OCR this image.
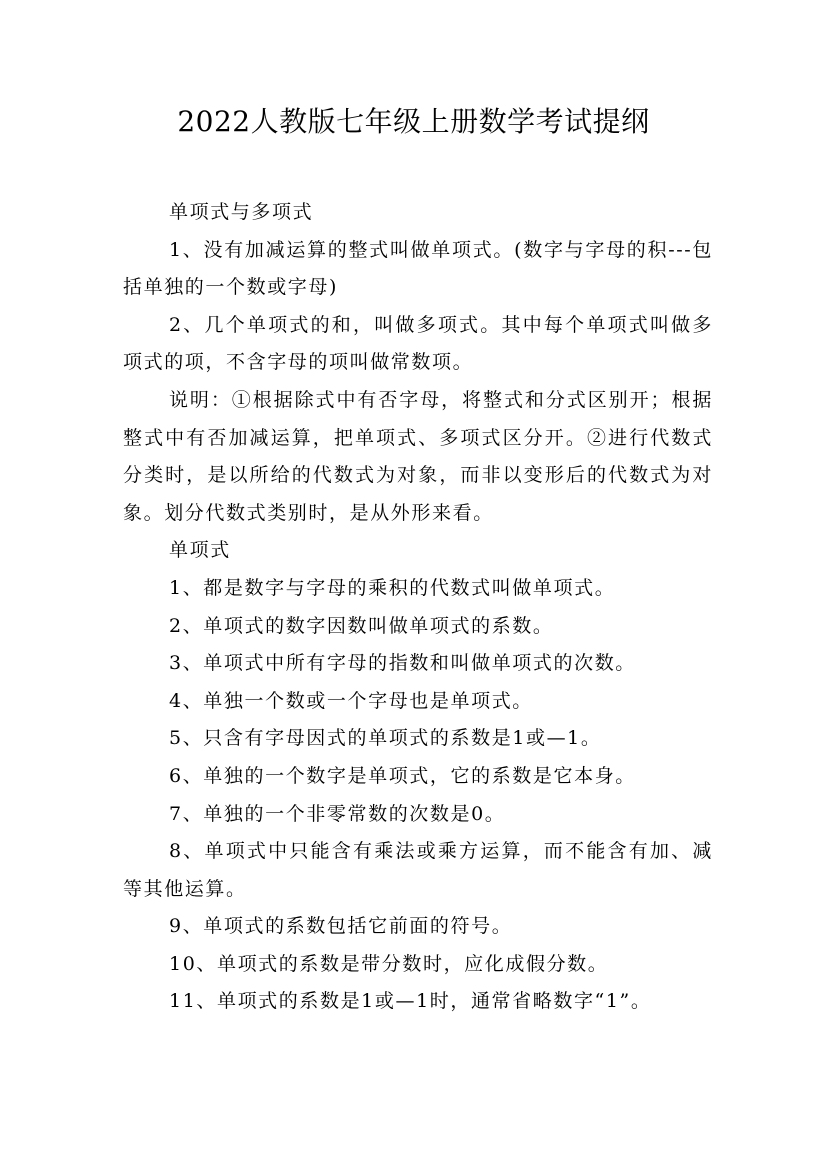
2022人教版七年级上册数学考试提纲

单项式与多项式

1、没有加减运算的整式叫做单项式。(数字与字母的积---包括单独的一个数或字母)

2、几个单项式的和，叫做多项式。其中每个单项式叫做多项式的项，不含字母的项叫做常数项。

说明：①根据除式中有否字母，将整式和分式区别开；根据整式中有否加减运算，把单项式、多项式区分开。②进行代数式分类时，是以所给的代数式为对象，而非以变形后的代数式为对象。划分代数式类别时，是从外形来看。

单项式

1、都是数字与字母的乘积的代数式叫做单项式。

2、单项式的数字因数叫做单项式的系数。

3、单项式中所有字母的指数和叫做单项式的次数。

4、单独一个数或一个字母也是单项式。

5、只含有字母因式的单项式的系数是1或—1。

6、单独的一个数字是单项式，它的系数是它本身。

7、单独的一个非零常数的次数是0。

8、单项式中只能含有乘法或乘方运算，而不能含有加、减等其他运算。

9、单项式的系数包括它前面的符号。

10、单项式的系数是带分数时，应化成假分数。

11、单项式的系数是1或—1时，通常省略数字“1”。
